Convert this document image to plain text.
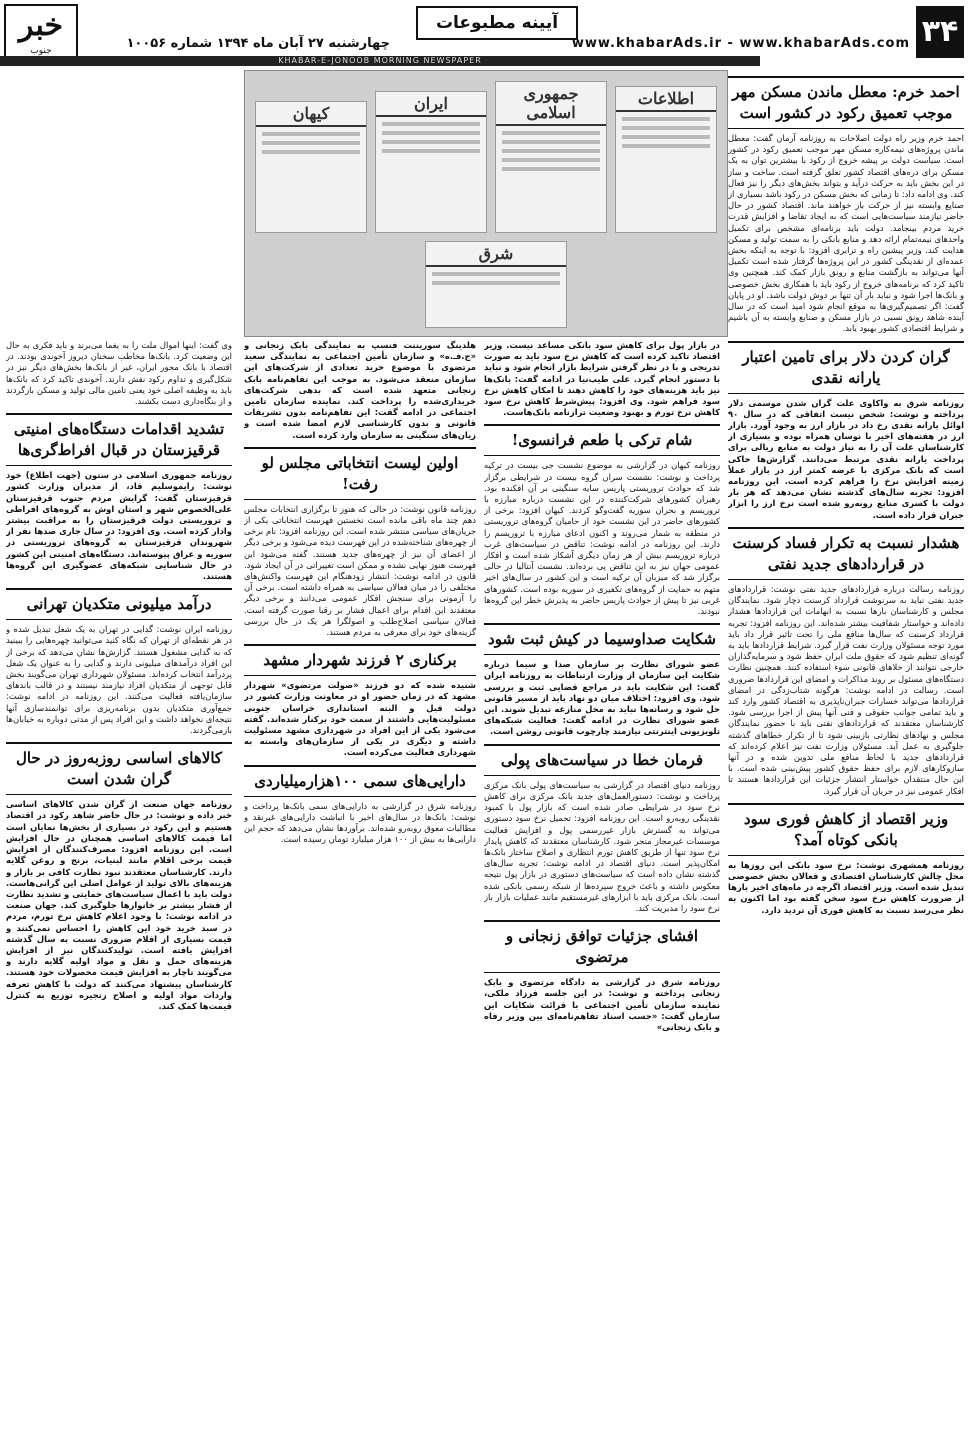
۳۴
www.khabarAds.ir - www.khabarAds.com
آیینه مطبوعات
چهارشنبه ۲۷ آبان ماه ۱۳۹۴ شماره ۱۰۰۵۶
خبر
جنوب
KHABAR-E-JONOOB MORNING NEWSPAPER
احمد خرم: معطل ماندن مسکن مهر موجب تعمیق رکود در کشور است

احمد خرم وزیر راه دولت اصلاحات به روزنامه آرمان گفت: معطل ماندن پروژه‌های نیمه‌کاره مسکن مهر موجب تعمیق رکود در کشور است. سیاست دولت بر پیشه خروج از رکود با بیشترین توان به یک مسکن برای دره‌های اقتصاد کشور تعلق گرفته است. ساخت و ساز در این بخش باید به حرکت درآید و بتواند بخش‌های دیگر را نیز فعال کند. وی ادامه داد: تا زمانی که بخش مسکن در رکود باشد بسیاری از صنایع وابسته نیز از حرکت باز خواهند ماند. اقتصاد کشور در حال حاضر نیازمند سیاست‌هایی است که به ایجاد تقاضا و افزایش قدرت خرید مردم بینجامد. دولت باید برنامه‌ای مشخص برای تکمیل واحدهای نیمه‌تمام ارائه دهد و منابع بانکی را به سمت تولید و مسکن هدایت کند. وزیر پیشین راه و ترابری افزود: با توجه به اینکه بخش عمده‌ای از نقدینگی کشور در این پروژه‌ها گرفتار شده است تکمیل آنها می‌تواند به بازگشت منابع و رونق بازار کمک کند. همچنین وی تاکید کرد که برنامه‌های خروج از رکود باید با همکاری بخش خصوصی و بانک‌ها اجرا شود و نباید بار آن تنها بر دوش دولت باشد. او در پایان گفت: اگر تصمیم‌گیری‌ها به موقع انجام شود امید است که در سال آینده شاهد رونق نسبی در بازار مسکن و صنایع وابسته به آن باشیم و شرایط اقتصادی کشور بهبود یابد.

گران کردن دلار برای تامین اعتبار یارانه نقدی

روزنامه شرق به واکاوی علت گران شدن موسمی دلار پرداخته و نوشت: شخص نیست اتفاقی که در سال ۹۰ اوائل یارانه نقدی رخ داد در بازار ارز به وجود آورد. بازار ارز در هفته‌های اخیر با نوسان همراه بوده و بسیاری از کارشناسان علت آن را به نیاز دولت به منابع ریالی برای پرداخت یارانه نقدی مرتبط می‌دانند. گزارش‌ها حاکی است که بانک مرکزی با عرضه کمتر ارز در بازار عملاً زمینه افزایش نرخ را فراهم کرده است. این روزنامه افزود: تجربه سال‌های گذشته نشان می‌دهد که هر بار دولت با کسری منابع روبه‌رو شده است نرخ ارز را ابزار جبران قرار داده است.

هشدار نسبت به تکرار فساد کرسنت در قراردادهای جدید نفتی

روزنامه رسالت درباره قراردادهای جدید نفتی نوشت: قراردادهای جدید نفتی نباید به سرنوشت قرارداد کرسنت دچار شود. نمایندگان مجلس و کارشناسان بارها نسبت به ابهامات این قراردادها هشدار داده‌اند و خواستار شفافیت بیشتر شده‌اند. این روزنامه افزود: تجربه قرارداد کرسنت که سال‌ها منافع ملی را تحت تاثیر قرار داد باید مورد توجه مسئولان وزارت نفت قرار گیرد. شرایط قراردادها باید به گونه‌ای تنظیم شود که حقوق ملت ایران حفظ شود و سرمایه‌گذاران خارجی نتوانند از خلاهای قانونی سوء استفاده کنند. همچنین نظارت دستگاه‌های مسئول بر روند مذاکرات و امضای این قراردادها ضروری است. رسالت در ادامه نوشت: هرگونه شتاب‌زدگی در امضای قراردادها می‌تواند خسارات جبران‌ناپذیری به اقتصاد کشور وارد کند و باید تمامی جوانب حقوقی و فنی آنها پیش از اجرا بررسی شود. کارشناسان معتقدند که قراردادهای نفتی باید با حضور نمایندگان مجلس و نهادهای نظارتی بازبینی شود تا از تکرار خطاهای گذشته جلوگیری به عمل آید. مسئولان وزارت نفت نیز اعلام کرده‌اند که قراردادهای جدید با لحاظ منافع ملی تدوین شده و در آنها سازوکارهای لازم برای حفظ حقوق کشور پیش‌بینی شده است. با این حال منتقدان خواستار انتشار جزئیات این قراردادها هستند تا افکار عمومی نیز در جریان آن قرار گیرد.

وزیر اقتصاد از کاهش فوری سود بانکی کوتاه آمد؟

روزنامه همشهری نوشت: نرخ سود بانکی این روزها به محل چالش کارشناسان اقتصادی و فعالان بخش خصوصی تبدیل شده است. وزیر اقتصاد اگرچه در ماه‌های اخیر بارها از ضرورت کاهش نرخ سود سخن گفته بود اما اکنون به نظر می‌رسد نسبت به کاهش فوری آن تردید دارد.

جمهوری اسلامی
ایران	اطلاعات
کیهان
شرق

در بازار پول برای کاهش سود بانکی مساعد نیست. وزیر اقتصاد تاکید کرده است که کاهش نرخ سود باید به صورت تدریجی و با در نظر گرفتن شرایط بازار انجام شود و نباید با دستور انجام گیرد. علی طیب‌نیا در ادامه گفت: بانک‌ها نیز باید هزینه‌های خود را کاهش دهند تا امکان کاهش نرخ سود فراهم شود. وی افزود: پیش‌شرط کاهش نرخ سود کاهش نرخ تورم و بهبود وضعیت ترازنامه بانک‌هاست.

شام ترکی با طعم فرانسوی!

روزنامه کیهان در گزارشی به موضوع نشست جی بیست در ترکیه پرداخت و نوشت: نشست سران گروه بیست در شرایطی برگزار شد که حوادث تروریستی پاریس سایه سنگینی بر آن افکنده بود. رهبران کشورهای شرکت‌کننده در این نشست درباره مبارزه با تروریسم و بحران سوریه گفت‌وگو کردند. کیهان افزود: برخی از کشورهای حاضر در این نشست خود از حامیان گروه‌های تروریستی در منطقه به شمار می‌روند و اکنون ادعای مبارزه با تروریسم را دارند. این روزنامه در ادامه نوشت: تناقض در سیاست‌های غرب درباره تروریسم بیش از هر زمان دیگری آشکار شده است و افکار عمومی جهان نیز به این تناقض پی برده‌اند. نشست آنتالیا در حالی برگزار شد که میزبان آن ترکیه است و این کشور در سال‌های اخیر متهم به حمایت از گروه‌های تکفیری در سوریه بوده است. کشورهای غربی نیز تا پیش از حوادث پاریس حاضر به پذیرش خطر این گروه‌ها نبودند.

شکایت صداوسیما در کیش ثبت شود

عضو شورای نظارت بر سازمان صدا و سیما درباره شکایت این سازمان از وزارت ارتباطات به روزنامه ایران گفت: این شکایت باید در مراجع قضایی ثبت و بررسی شود. وی افزود: اختلاف میان دو نهاد باید از مسیر قانونی حل شود و رسانه‌ها نباید به محل منازعه تبدیل شوند. این عضو شورای نظارت در ادامه گفت: فعالیت شبکه‌های تلویزیونی اینترنتی نیازمند چارچوب قانونی روشن است.

فرمان خطا در سیاست‌های پولی

روزنامه دنیای اقتصاد در گزارشی به سیاست‌های پولی بانک مرکزی پرداخت و نوشت: دستورالعمل‌های جدید بانک مرکزی برای کاهش نرخ سود در شرایطی صادر شده است که بازار پول با کمبود نقدینگی روبه‌رو است. این روزنامه افزود: تحمیل نرخ سود دستوری می‌تواند به گسترش بازار غیررسمی پول و افزایش فعالیت موسسات غیرمجاز منجر شود. کارشناسان معتقدند که کاهش پایدار نرخ سود تنها از طریق کاهش تورم انتظاری و اصلاح ساختار بانک‌ها امکان‌پذیر است. دنیای اقتصاد در ادامه نوشت: تجربه سال‌های گذشته نشان داده است که سیاست‌های دستوری در بازار پول نتیجه معکوس داشته و باعث خروج سپرده‌ها از شبکه رسمی بانکی شده است. بانک مرکزی باید با ابزارهای غیرمستقیم مانند عملیات بازار باز نرخ سود را مدیریت کند.

افشای جزئیات توافق زنجانی و مرتضوی

روزنامه شرق در گزارشی به دادگاه مرتضوی و بابک زنجانی پرداخته و نوشت: در این جلسه فرزاد ملکی، نماینده سازمان تأمین اجتماعی با قرائت شکایات این سازمان گفت: «حسب اسناد تفاهم‌نامه‌ای بین وزیر رفاه و بابک زنجانی»

هلدینگ سوریننت فنسپ به نمایندگی بابک زنجانی و «ج.فـ.ه» و سازمان تأمین اجتماعی به نمایندگی سعید مرتضوی با موضوع خرید تعدادی از شرکت‌های این سازمان منعقد می‌شود. به موجب این تفاهم‌نامه بابک زنجانی متعهد شده است که بدهی شرکت‌های خریداری‌شده را پرداخت کند. نماینده سازمان تامین اجتماعی در ادامه گفت: این تفاهم‌نامه بدون تشریفات قانونی و بدون کارشناسی لازم امضا شده است و زیان‌های سنگینی به سازمان وارد کرده است.

اولین لیست انتخاباتی مجلس لو رفت!

روزنامه قانون نوشت: در حالی که هنوز تا برگزاری انتخابات مجلس دهم چند ماه باقی مانده است نخستین فهرست انتخاباتی یکی از جریان‌های سیاسی منتشر شده است. این روزنامه افزود: نام برخی از چهره‌های شناخته‌شده در این فهرست دیده می‌شود و برخی دیگر از اعضای آن نیز از چهره‌های جدید هستند. گفته می‌شود این فهرست هنوز نهایی نشده و ممکن است تغییراتی در آن ایجاد شود. قانون در ادامه نوشت: انتشار زودهنگام این فهرست واکنش‌های مختلفی را در میان فعالان سیاسی به همراه داشته است. برخی آن را آزمونی برای سنجش افکار عمومی می‌دانند و برخی دیگر معتقدند این اقدام برای اعمال فشار بر رقبا صورت گرفته است. فعالان سیاسی اصلاح‌طلب و اصولگرا هر یک در حال بررسی گزینه‌های خود برای معرفی به مردم هستند.

برکناری ۲ فرزند شهردار مشهد

شنیده شده که دو فرزند «صولت مرتضوی» شهردار مشهد که در زمان حضور او در معاونت وزارت کشور در دولت قبل و البته استانداری خراسان جنوبی مسئولیت‌هایی داشتند از سمت خود برکنار شده‌اند. گفته می‌شود یکی از این افراد در شهرداری مشهد مسئولیت داشته و دیگری در یکی از سازمان‌های وابسته به شهرداری فعالیت می‌کرده است.

دارایی‌های سمی ۱۰۰هزارمیلیاردی

روزنامه شرق در گزارشی به دارایی‌های سمی بانک‌ها پرداخت و نوشت: بانک‌ها در سال‌های اخیر با انباشت دارایی‌های غیرنقد و مطالبات معوق روبه‌رو شده‌اند. برآوردها نشان می‌دهد که حجم این دارایی‌ها به بیش از ۱۰۰ هزار میلیارد تومان رسیده است.

وی گفت: اینها اموال ملت را به یغما می‌برند و باید فکری به حال این وضعیت کرد. بانک‌ها مخاطب سخنان دیروز آخوندی بودند. در اقتصاد با بانک محور ایران، غیر از بانک‌ها بخش‌های دیگر نیز در شکل‌گیری و تداوم رکود نقش دارند. آخوندی تاکید کرد که بانک‌ها باید به وظیفه اصلی خود یعنی تامین مالی تولید و مسکن بازگردند و از بنگاه‌داری دست بکشند.

تشدید اقدامات دستگاه‌های امنیتی قرقیزستان در قبال افراط‌گری‌ها

روزنامه جمهوری اسلامی در ستون (جهت اطلاع) خود نوشت: رایموسلیم قاد، از مدیران وزارت کشور قرقیزستان گفت: گرایش مردم جنوب قرقیزستان علی‌الخصوص شهر و استان اوش به گروه‌های افراطی و تروریستی دولت قرقیزستان را به مراقبت بیشتر وادار کرده است. وی افزود: در سال جاری صدها نفر از شهروندان قرقیزستان به گروه‌های تروریستی در سوریه و عراق پیوسته‌اند. دستگاه‌های امنیتی این کشور در حال شناسایی شبکه‌های عضوگیری این گروه‌ها هستند.

درآمد میلیونی متکدیان تهرانی

روزنامه ایران نوشت: گدایی در تهران به یک شغل تبدیل شده و در هر نقطه‌ای از تهران که نگاه کنید می‌توانید چهره‌هایی را ببینید که به گدایی مشغول هستند. گزارش‌ها نشان می‌دهد که برخی از این افراد درآمدهای میلیونی دارند و گدایی را به عنوان یک شغل پردرآمد انتخاب کرده‌اند. مسئولان شهرداری تهران می‌گویند بخش قابل توجهی از متکدیان افراد نیازمند نیستند و در قالب باندهای سازمان‌یافته فعالیت می‌کنند. این روزنامه در ادامه نوشت: جمع‌آوری متکدیان بدون برنامه‌ریزی برای توانمندسازی آنها نتیجه‌ای نخواهد داشت و این افراد پس از مدتی دوباره به خیابان‌ها بازمی‌گردند.

کالاهای اساسی روزبه‌روز در حال گران شدن است

روزنامه جهان صنعت از گران شدن کالاهای اساسی خبر داده و نوشت: در حال حاضر شاهد رکود در اقتصاد هستیم و این رکود در بسیاری از بخش‌ها نمایان است اما قیمت کالاهای اساسی همچنان در حال افزایش است. این روزنامه افزود: مصرف‌کنندگان از افزایش قیمت برخی اقلام مانند لبنیات، برنج و روغن گلایه دارند. کارشناسان معتقدند نبود نظارت کافی بر بازار و هزینه‌های بالای تولید از عوامل اصلی این گرانی‌هاست. دولت باید با اعمال سیاست‌های حمایتی و تشدید نظارت از فشار بیشتر بر خانوارها جلوگیری کند. جهان صنعت در ادامه نوشت: با وجود اعلام کاهش نرخ تورم، مردم در سبد خرید خود این کاهش را احساس نمی‌کنند و قیمت بسیاری از اقلام ضروری نسبت به سال گذشته افزایش یافته است. تولیدکنندگان نیز از افزایش هزینه‌های حمل و نقل و مواد اولیه گلایه دارند و می‌گویند ناچار به افزایش قیمت محصولات خود هستند. کارشناسان پیشنهاد می‌کنند که دولت با کاهش تعرفه واردات مواد اولیه و اصلاح زنجیره توزیع به کنترل قیمت‌ها کمک کند.
